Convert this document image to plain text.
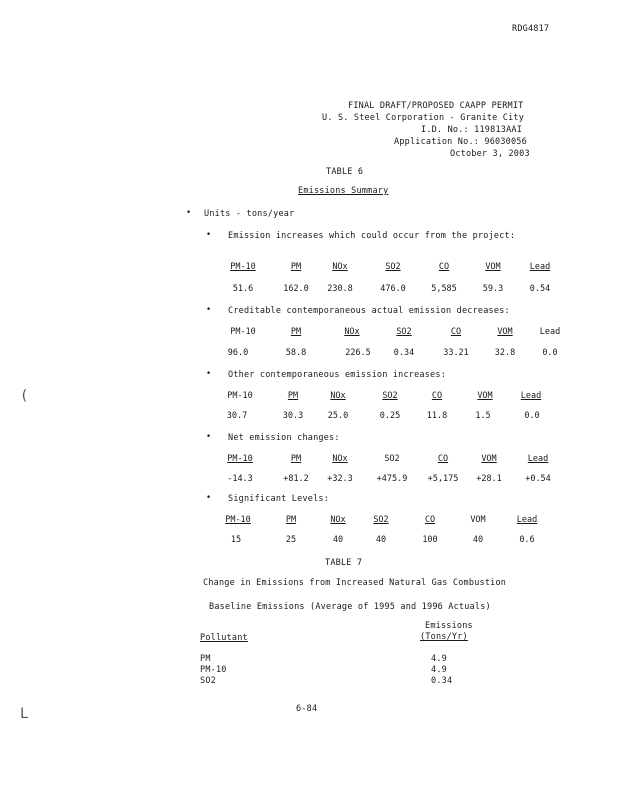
RDG4817
FINAL DRAFT/PROPOSED CAAPP PERMIT
U. S. Steel Corporation - Granite City
I.D. No.: 119813AAI
Application No.: 96030056
October 3, 2003
TABLE 6
Emissions Summary
• Units - tons/year
• Emission increases which could occur from the project:
PM-10	PM	NOx	SO2	CO	VOM	Lead
51.6	162.0	230.8	476.0	5,585	59.3	0.54
• Creditable contemporaneous actual emission decreases:
PM-10	PM	NOx	SO2	CO	VOM	Lead
96.0	58.8	226.5	0.34	33.21	32.8	0.0
• Other contemporaneous emission increases:
PM-10	PM	NOx	SO2	CO	VOM	Lead
30.7	30.3	25.0	0.25	11.8	1.5	0.0
• Net emission changes:
PM-10	PM	NOx	SO2	CO	VOM	Lead
-14.3	+81.2	+32.3	+475.9	+5,175	+28.1	+0.54
• Significant Levels:
PM-10	PM	NOx	SO2	CO	VOM	Lead
15	25	40	40	100	40	0.6
TABLE 7
Change in Emissions from Increased Natural Gas Combustion
Baseline Emissions (Average of 1995 and 1996 Actuals)
Emissions
(Tons/Yr)
Pollutant
PM	4.9
PM-10	4.9
SO2	0.34
6-84
(
L
